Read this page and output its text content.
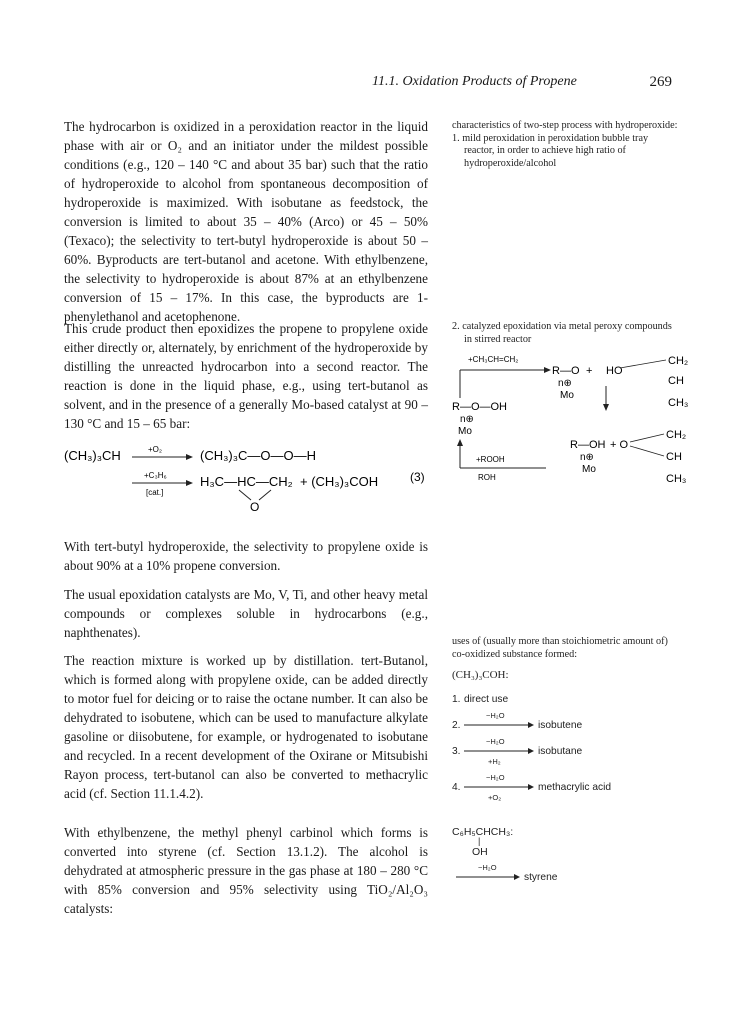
11.1. Oxidation Products of Propene	269

The hydrocarbon is oxidized in a peroxidation reactor in the liquid phase with air or O₂ and an initiator under the mildest possible conditions (e.g., 120 – 140 °C and about 35 bar) such that the ratio of hydroperoxide to alcohol from spontaneous decomposition of hydroperoxide is maximized. With isobutane as feedstock, the conversion is limited to about 35 – 40% (Arco) or 45 – 50% (Texaco); the selectivity to tert-butyl hydroperoxide is about 50 – 60%. Byproducts are tert-butanol and acetone. With ethylbenzene, the selectivity to hydroperoxide is about 87% at an ethylbenzene conversion of 15 – 17%. In this case, the byproducts are 1-phenylethanol and acetophenone.

This crude product then epoxidizes the propene to propylene oxide either directly or, alternately, by enrichment of the hydroperoxide by distilling the unreacted hydrocarbon into a second reactor. The reaction is done in the liquid phase, e.g., using tert-butanol as solvent, and in the presence of a generally Mo-based catalyst at 90 – 130 °C and 15 – 65 bar:

(CH₃)₃CH	+O₂	(CH₃)₃C—O—O—H
(3)
+C₃H₆
[cat.]
H₃C—HC—CH₂
O
+ (CH₃)₃COH

With tert-butyl hydroperoxide, the selectivity to propylene oxide is about 90% at a 10% propene conversion.

The usual epoxidation catalysts are Mo, V, Ti, and other heavy metal compounds or complexes soluble in hydrocarbons (e.g., naphthenates).

The reaction mixture is worked up by distillation. tert-Butanol, which is formed along with propylene oxide, can be added directly to motor fuel for deicing or to raise the octane number. It can also be dehydrated to isobutene, which can be used to manufacture alkylate gasoline or diisobutene, for example, or hydrogenated to isobutane and recycled. In a recent development of the Oxirane or Mitsubishi Rayon process, tert-butanol can also be converted to methacrylic acid (cf. Section 11.1.4.2).

With ethylbenzene, the methyl phenyl carbinol which forms is converted into styrene (cf. Section 13.1.2). The alcohol is dehydrated at atmospheric pressure in the gas phase at 180 – 280 °C with 85% conversion and 95% selectivity using TiO₂/Al₂O₃ catalysts:

characteristics of two-step process with hydroperoxide:

1. mild peroxidation in peroxidation bubble tray reactor, in order to achieve high ratio of hydroperoxide/alcohol

2. catalyzed epoxidation via metal peroxy compounds in stirred reactor

+CH₃CH=CH₂
R—O +
n⊕
Mo
HO
CH₂
CH
CH₃
R—O—OH
n⊕
Mo
+ROOH
ROH
R—OH + O
n⊕
Mo
CH₂
CH
CH₃

uses of (usually more than stoichiometric amount of) co-oxidized substance formed:

(CH₃)₃COH:

1. direct use
2.
−H₂O
isobutene
3.
−H₂O
+H₂
isobutane
4.
−H₂O
+O₂
methacrylic acid
C₆H₅CHCH₃:
|
OH
−H₂O
styrene
